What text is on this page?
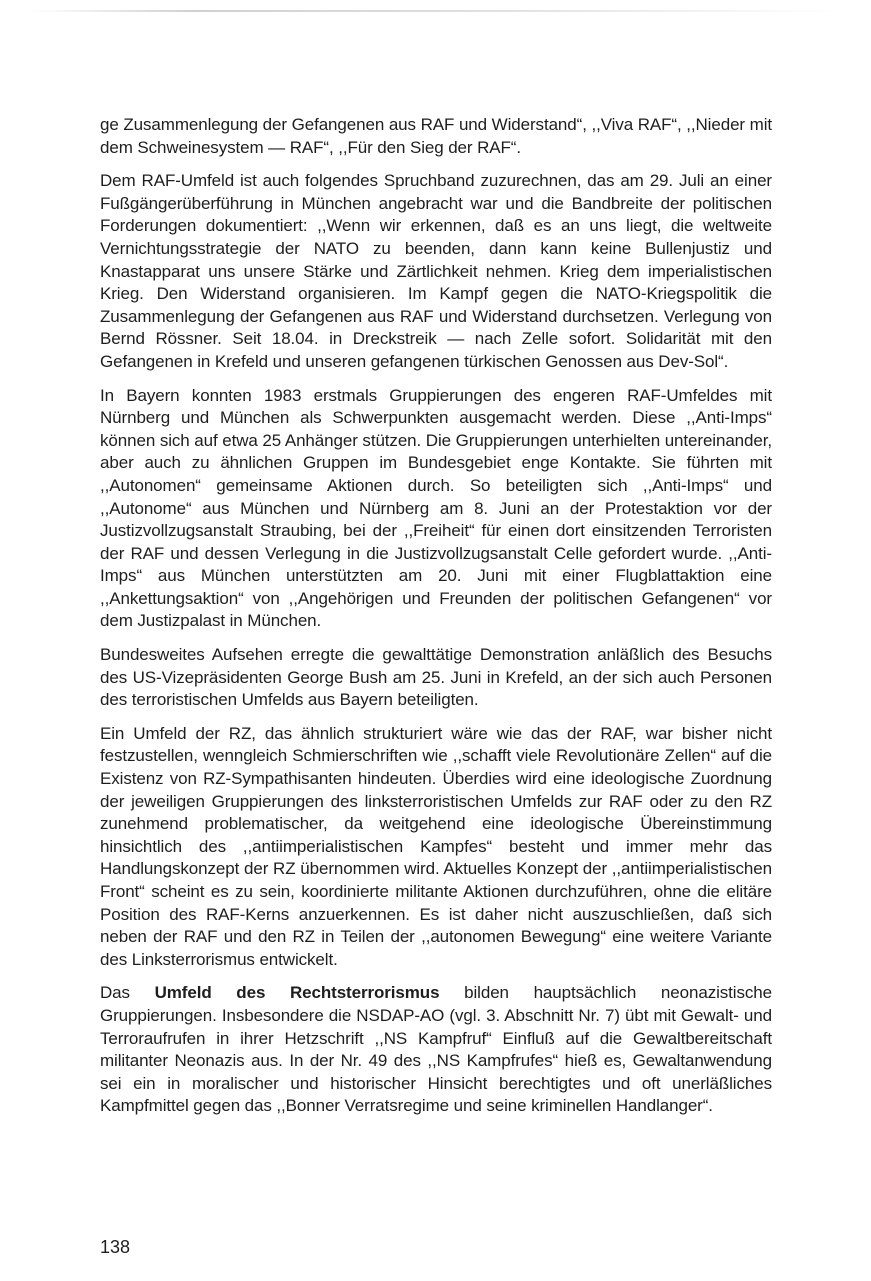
ge Zusammenlegung der Gefangenen aus RAF und Widerstand“, ,,Viva RAF“, ,,Nieder mit dem Schweinesystem — RAF“, ,,Für den Sieg der RAF“.

Dem RAF-Umfeld ist auch folgendes Spruchband zuzurechnen, das am 29. Juli an einer Fußgängerüberführung in München angebracht war und die Bandbreite der politischen Forderungen dokumentiert: ,,Wenn wir erkennen, daß es an uns liegt, die weltweite Vernichtungsstrategie der NATO zu beenden, dann kann keine Bullenjustiz und Knastapparat uns unsere Stärke und Zärtlichkeit nehmen. Krieg dem imperialistischen Krieg. Den Widerstand organisieren. Im Kampf gegen die NATO-Kriegspolitik die Zusammenlegung der Gefangenen aus RAF und Widerstand durchsetzen. Verlegung von Bernd Rössner. Seit 18.04. in Dreckstreik — nach Zelle sofort. Solidarität mit den Gefangenen in Krefeld und unseren gefangenen türkischen Genossen aus Dev-Sol“.

In Bayern konnten 1983 erstmals Gruppierungen des engeren RAF-Umfeldes mit Nürnberg und München als Schwerpunkten ausgemacht werden. Diese ,,Anti-Imps“ können sich auf etwa 25 Anhänger stützen. Die Gruppierungen unterhielten untereinander, aber auch zu ähnlichen Gruppen im Bundesgebiet enge Kontakte. Sie führten mit ,,Autonomen“ gemeinsame Aktionen durch. So beteiligten sich ,,Anti-Imps“ und ,,Autonome“ aus München und Nürnberg am 8. Juni an der Protestaktion vor der Justizvollzugsanstalt Straubing, bei der ,,Freiheit“ für einen dort einsitzenden Terroristen der RAF und dessen Verlegung in die Justizvollzugsanstalt Celle gefordert wurde. ,,Anti-Imps“ aus München unterstützten am 20. Juni mit einer Flugblattaktion eine ,,Ankettungsaktion“ von ,,Angehörigen und Freunden der politischen Gefangenen“ vor dem Justizpalast in München.

Bundesweites Aufsehen erregte die gewalttätige Demonstration anläßlich des Besuchs des US-Vizepräsidenten George Bush am 25. Juni in Krefeld, an der sich auch Personen des terroristischen Umfelds aus Bayern beteiligten.

Ein Umfeld der RZ, das ähnlich strukturiert wäre wie das der RAF, war bisher nicht festzustellen, wenngleich Schmierschriften wie ,,schafft viele Revolutionäre Zellen“ auf die Existenz von RZ-Sympathisanten hindeuten. Überdies wird eine ideologische Zuordnung der jeweiligen Gruppierungen des linksterroristischen Umfelds zur RAF oder zu den RZ zunehmend problematischer, da weitgehend eine ideologische Übereinstimmung hinsichtlich des ,,antiimperialistischen Kampfes“ besteht und immer mehr das Handlungskonzept der RZ übernommen wird. Aktuelles Konzept der ,,antiimperialistischen Front“ scheint es zu sein, koordinierte militante Aktionen durchzuführen, ohne die elitäre Position des RAF-Kerns anzuerkennen. Es ist daher nicht auszuschließen, daß sich neben der RAF und den RZ in Teilen der ,,autonomen Bewegung“ eine weitere Variante des Linksterrorismus entwickelt.

Das Umfeld des Rechtsterrorismus bilden hauptsächlich neonazistische Gruppierungen. Insbesondere die NSDAP-AO (vgl. 3. Abschnitt Nr. 7) übt mit Gewalt- und Terroraufrufen in ihrer Hetzschrift ,,NS Kampfruf“ Einfluß auf die Gewaltbereitschaft militanter Neonazis aus. In der Nr. 49 des ,,NS Kampfrufes“ hieß es, Gewaltanwendung sei ein in moralischer und historischer Hinsicht berechtigtes und oft unerläßliches Kampfmittel gegen das ,,Bonner Verratsregime und seine kriminellen Handlanger“.

138
